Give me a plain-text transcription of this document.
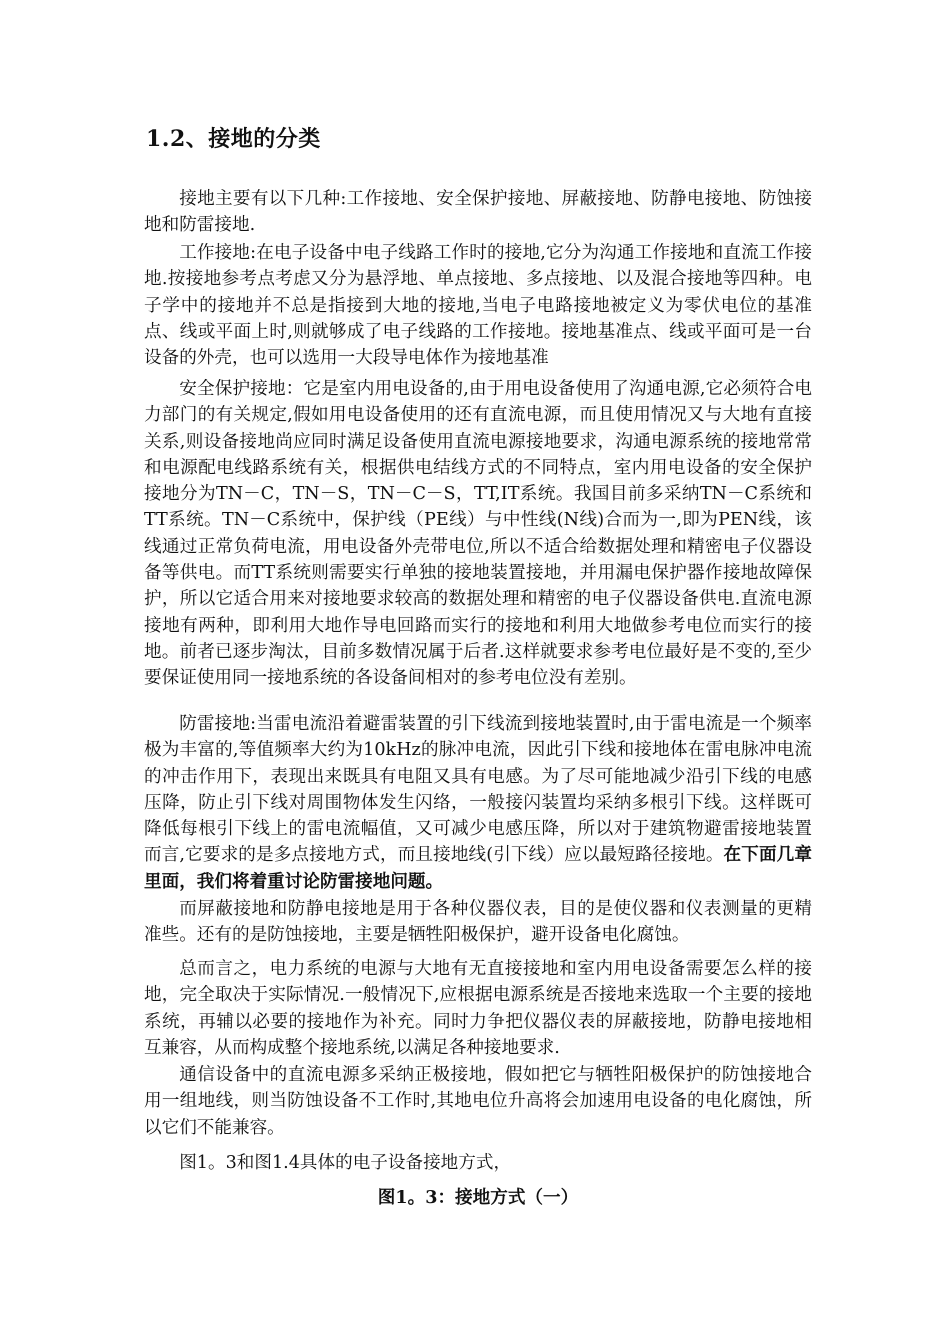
1.2、接地的分类

接地主要有以下几种:工作接地、安全保护接地、屏蔽接地、防静电接地、防蚀接地和防雷接地.

工作接地:在电子设备中电子线路工作时的接地,它分为沟通工作接地和直流工作接地.按接地参考点考虑又分为悬浮地、单点接地、多点接地、以及混合接地等四种。电子学中的接地并不总是指接到大地的接地,当电子电路接地被定义为零伏电位的基准点、线或平面上时,则就够成了电子线路的工作接地。接地基准点、线或平面可是一台设备的外壳，也可以选用一大段导电体作为接地基准

安全保护接地：它是室内用电设备的,由于用电设备使用了沟通电源,它必须符合电力部门的有关规定,假如用电设备使用的还有直流电源，而且使用情况又与大地有直接关系,则设备接地尚应同时满足设备使用直流电源接地要求，沟通电源系统的接地常常和电源配电线路系统有关，根据供电结线方式的不同特点，室内用电设备的安全保护接地分为TN－C，TN－S，TN－C－S，TT,IT系统。我国目前多采纳TN－C系统和TT系统。TN－C系统中，保护线（PE线）与中性线(N线)合而为一,即为PEN线，该线通过正常负荷电流，用电设备外壳带电位,所以不适合给数据处理和精密电子仪器设备等供电。而TT系统则需要实行单独的接地装置接地，并用漏电保护器作接地故障保护，所以它适合用来对接地要求较高的数据处理和精密的电子仪器设备供电.直流电源接地有两种，即利用大地作导电回路而实行的接地和利用大地做参考电位而实行的接地。前者已逐步淘汰，目前多数情况属于后者.这样就要求参考电位最好是不变的,至少要保证使用同一接地系统的各设备间相对的参考电位没有差别。

防雷接地:当雷电流沿着避雷装置的引下线流到接地装置时,由于雷电流是一个频率极为丰富的,等值频率大约为10kHz的脉冲电流，因此引下线和接地体在雷电脉冲电流的冲击作用下，表现出来既具有电阻又具有电感。为了尽可能地减少沿引下线的电感压降，防止引下线对周围物体发生闪络，一般接闪装置均采纳多根引下线。这样既可降低每根引下线上的雷电流幅值，又可减少电感压降，所以对于建筑物避雷接地装置而言,它要求的是多点接地方式，而且接地线(引下线）应以最短路径接地。在下面几章里面，我们将着重讨论防雷接地问题。

而屏蔽接地和防静电接地是用于各种仪器仪表，目的是使仪器和仪表测量的更精准些。还有的是防蚀接地，主要是牺牲阳极保护，避开设备电化腐蚀。

总而言之，电力系统的电源与大地有无直接接地和室内用电设备需要怎么样的接地，完全取决于实际情况.一般情况下,应根据电源系统是否接地来选取一个主要的接地系统，再辅以必要的接地作为补充。同时力争把仪器仪表的屏蔽接地，防静电接地相互兼容，从而构成整个接地系统,以满足各种接地要求.

通信设备中的直流电源多采纳正极接地，假如把它与牺牲阳极保护的防蚀接地合用一组地线，则当防蚀设备不工作时,其地电位升高将会加速用电设备的电化腐蚀，所以它们不能兼容。

图1。3和图1.4具体的电子设备接地方式，

图1。3：接地方式（一）
